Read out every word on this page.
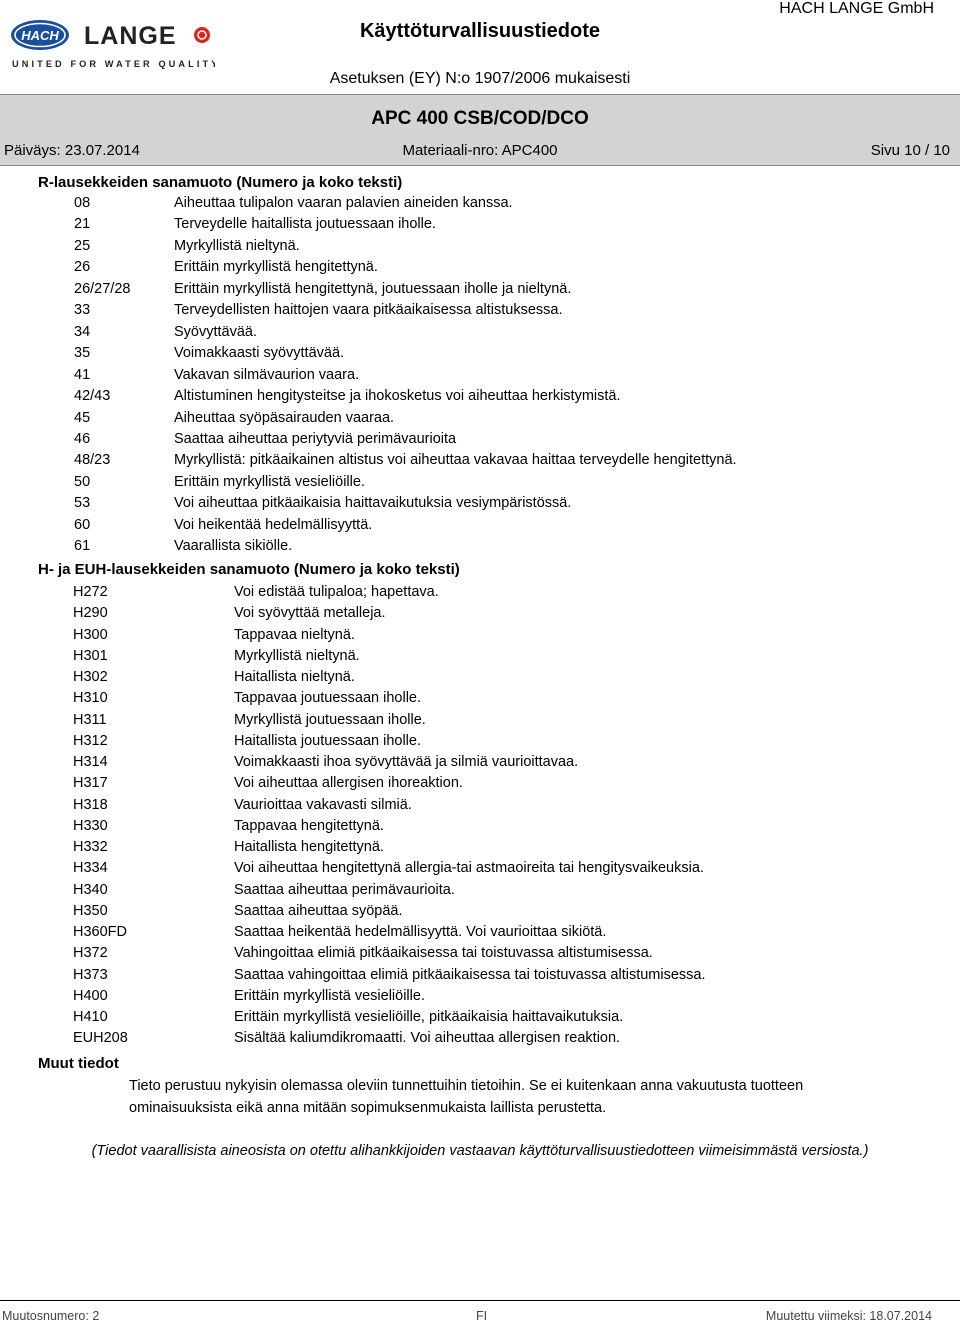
HACH LANGE
UNITED FOR WATER QUALITY
Käyttöturvallisuustiedote
HACH LANGE GmbH
Asetuksen (EY) N:o 1907/2006 mukaisesti
APC 400 CSB/COD/DCO
Päiväys: 23.07.2014	Materiaali-nro: APC400	Sivu 10 / 10
R-lausekkeiden sanamuoto (Numero ja koko teksti)
08	Aiheuttaa tulipalon vaaran palavien aineiden kanssa.
21	Terveydelle haitallista joutuessaan iholle.
25	Myrkyllistä nieltynä.
26	Erittäin myrkyllistä hengitettynä.
26/27/28	Erittäin myrkyllistä hengitettynä, joutuessaan iholle ja nieltynä.
33	Terveydellisten haittojen vaara pitkäaikaisessa altistuksessa.
34	Syövyttävää.
35	Voimakkaasti syövyttävää.
41	Vakavan silmävaurion vaara.
42/43	Altistuminen hengitysteitse ja ihokosketus voi aiheuttaa herkistymistä.
45	Aiheuttaa syöpäsairauden vaaraa.
46	Saattaa aiheuttaa periytyviä perimävaurioita
48/23	Myrkyllistä: pitkäaikainen altistus voi aiheuttaa vakavaa haittaa terveydelle hengitettynä.
50	Erittäin myrkyllistä vesieliöille.
53	Voi aiheuttaa pitkäaikaisia haittavaikutuksia vesiympäristössä.
60	Voi heikentää hedelmällisyyttä.
61	Vaarallista sikiölle.
H- ja EUH-lausekkeiden sanamuoto (Numero ja koko teksti)
H272	Voi edistää tulipaloa; hapettava.
H290	Voi syövyttää metalleja.
H300	Tappavaa nieltynä.
H301	Myrkyllistä nieltynä.
H302	Haitallista nieltynä.
H310	Tappavaa joutuessaan iholle.
H311	Myrkyllistä joutuessaan iholle.
H312	Haitallista joutuessaan iholle.
H314	Voimakkaasti ihoa syövyttävää ja silmiä vaurioittavaa.
H317	Voi aiheuttaa allergisen ihoreaktion.
H318	Vaurioittaa vakavasti silmiä.
H330	Tappavaa hengitettynä.
H332	Haitallista hengitettynä.
H334	Voi aiheuttaa hengitettynä allergia-tai astmaoireita tai hengitysvaikeuksia.
H340	Saattaa aiheuttaa perimävaurioita.
H350	Saattaa aiheuttaa syöpää.
H360FD	Saattaa heikentää hedelmällisyyttä. Voi vaurioittaa sikiötä.
H372	Vahingoittaa elimiä pitkäaikaisessa tai toistuvassa altistumisessa.
H373	Saattaa vahingoittaa elimiä pitkäaikaisessa tai toistuvassa altistumisessa.
H400	Erittäin myrkyllistä vesieliöille.
H410	Erittäin myrkyllistä vesieliöille, pitkäaikaisia haittavaikutuksia.
EUH208	Sisältää kaliumdikromaatti. Voi aiheuttaa allergisen reaktion.
Muut tiedot
Tieto perustuu nykyisin olemassa oleviin tunnettuihin tietoihin. Se ei kuitenkaan anna vakuutusta tuotteen ominaisuuksista eikä anna mitään sopimuksenmukaista laillista perustetta.
(Tiedot vaarallisista aineosista on otettu alihankkijoiden vastaavan käyttöturvallisuustiedotteen viimeisimmästä versiosta.)
Muutosnumero: 2	FI	Muutettu viimeksi: 18.07.2014
